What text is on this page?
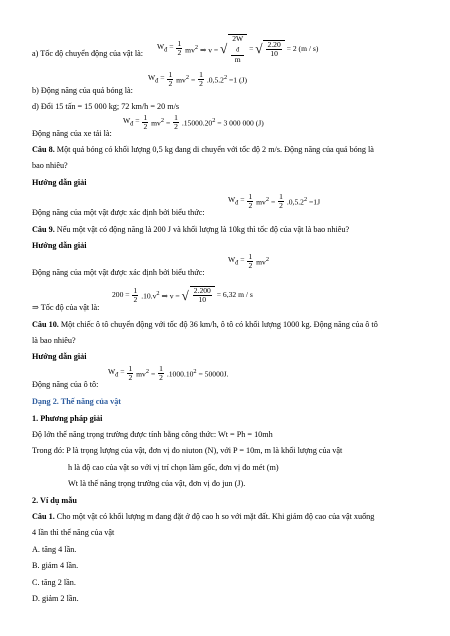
a) Tốc độ chuyển động của vật là:
$W_đ = \frac{1}{2} mv^2$ ⇒ v = √ 2W
$_đ$
m = √ $\frac{2.20}{10} = 2$ (m / s)
b) Động năng của quả bóng là:
$W_đ = \frac{1}{2} mv^2 = \frac{1}{2} .0,5.2^2 =1$ (J)
d) Đổi 15 tấn = 15 000 kg; 72 km/h = 20 m/s
Động năng của xe tải là:
$W_đ = \frac{1}{2} mv^2 = \frac{1}{2} .15000.20^2 = 3$ 000 000 (J)
Câu 8. Một quả bóng có khối lượng 0,5 kg đang di chuyển với tốc độ 2 m/s. Động năng của quả bóng là
bao nhiêu?
Hướng dẫn giải
Động năng của một vật được xác định bởi biểu thức:
$W_đ = \frac{1}{2} mv^2 = \frac{1}{2} .0,5.2^2 =1J$
Câu 9. Nếu một vật có động năng là 200 J và khối lượng là 10kg thì tốc độ của vật là bao nhiêu?
Hướng dẫn giải
Động năng của một vật được xác định bởi biểu thức:
$W_đ = \frac{1}{2} mv^2$
⇒ Tốc độ của vật là:
$200 = \frac{1}{2} .10.v^2$ ⇒ v = √ $\frac{2.200}{10} = 6,32$ m / s
Câu 10. Một chiếc ô tô chuyển động với tốc độ 36 km/h, ô tô có khối lượng 1000 kg. Động năng của ô tô
là bao nhiêu?
Hướng dẫn giải
Động năng của ô tô:
$W_đ = \frac{1}{2} mv^2 = \frac{1}{2} .1000.10^2 = 50000J$.
Dạng 2. Thế năng của vật
1. Phương pháp giải
Độ lớn thế năng trọng trường được tính bằng công thức: Wt = Ph = 10mh
Trong đó: P là trọng lượng của vật, đơn vị đo niuton (N), với P = 10m, m là khối lượng của vật
h là độ cao của vật so với vị trí chọn làm gốc, đơn vị đo mét (m)
Wt là thế năng trọng trường của vật, đơn vị đo jun (J).
2. Ví dụ mẫu
Câu 1. Cho một vật có khối lượng m đang đặt ở độ cao h so với mặt đất. Khi giảm độ cao của vật xuống
4 lần thì thế năng của vật
A. tăng 4 lần.
B. giảm 4 lần.
C. tăng 2 lần.
D. giảm 2 lần.
